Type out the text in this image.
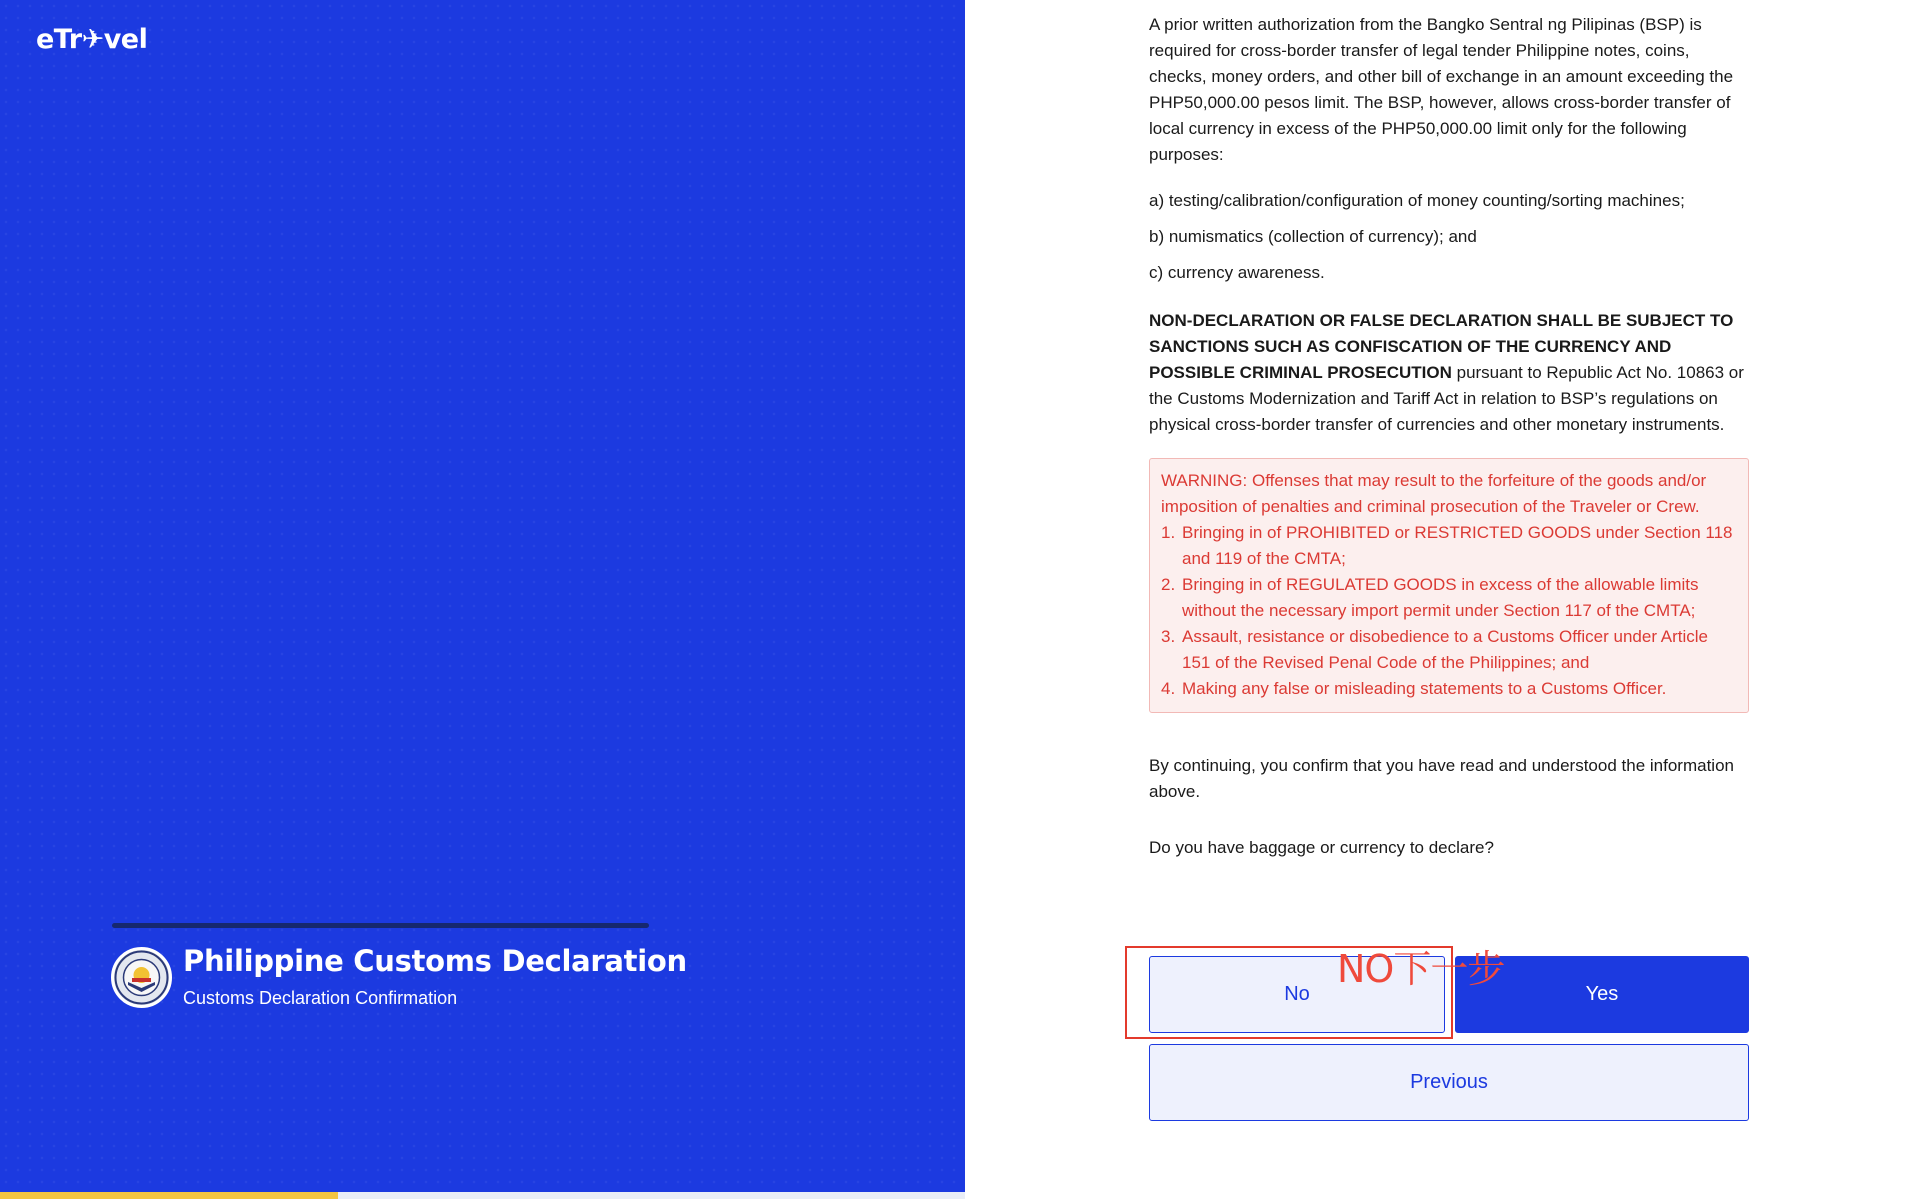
eTr✈vel
Philippine Customs Declaration
Customs Declaration Confirmation

A prior written authorization from the Bangko Sentral ng Pilipinas (BSP) is required for cross-border transfer of legal tender Philippine notes, coins, checks, money orders, and other bill of exchange in an amount exceeding the PHP50,000.00 pesos limit. The BSP, however, allows cross-border transfer of local currency in excess of the PHP50,000.00 limit only for the following purposes:

a) testing/calibration/configuration of money counting/sorting machines;
b) numismatics (collection of currency); and
c) currency awareness.

NON-DECLARATION OR FALSE DECLARATION SHALL BE SUBJECT TO SANCTIONS SUCH AS CONFISCATION OF THE CURRENCY AND POSSIBLE CRIMINAL PROSECUTION pursuant to Republic Act No. 10863 or the Customs Modernization and Tariff Act in relation to BSP’s regulations on physical cross-border transfer of currencies and other monetary instruments.

WARNING: Offenses that may result to the forfeiture of the goods and/or imposition of penalties and criminal prosecution of the Traveler or Crew.
1. Bringing in of PROHIBITED or RESTRICTED GOODS under Section 118 and 119 of the CMTA;
2. Bringing in of REGULATED GOODS in excess of the allowable limits without the necessary import permit under Section 117 of the CMTA;
3. Assault, resistance or disobedience to a Customs Officer under Article 151 of the Revised Penal Code of the Philippines; and
4. Making any false or misleading statements to a Customs Officer.

By continuing, you confirm that you have read and understood the information above.

Do you have baggage or currency to declare?

No	Yes
Previous
NO下一步
